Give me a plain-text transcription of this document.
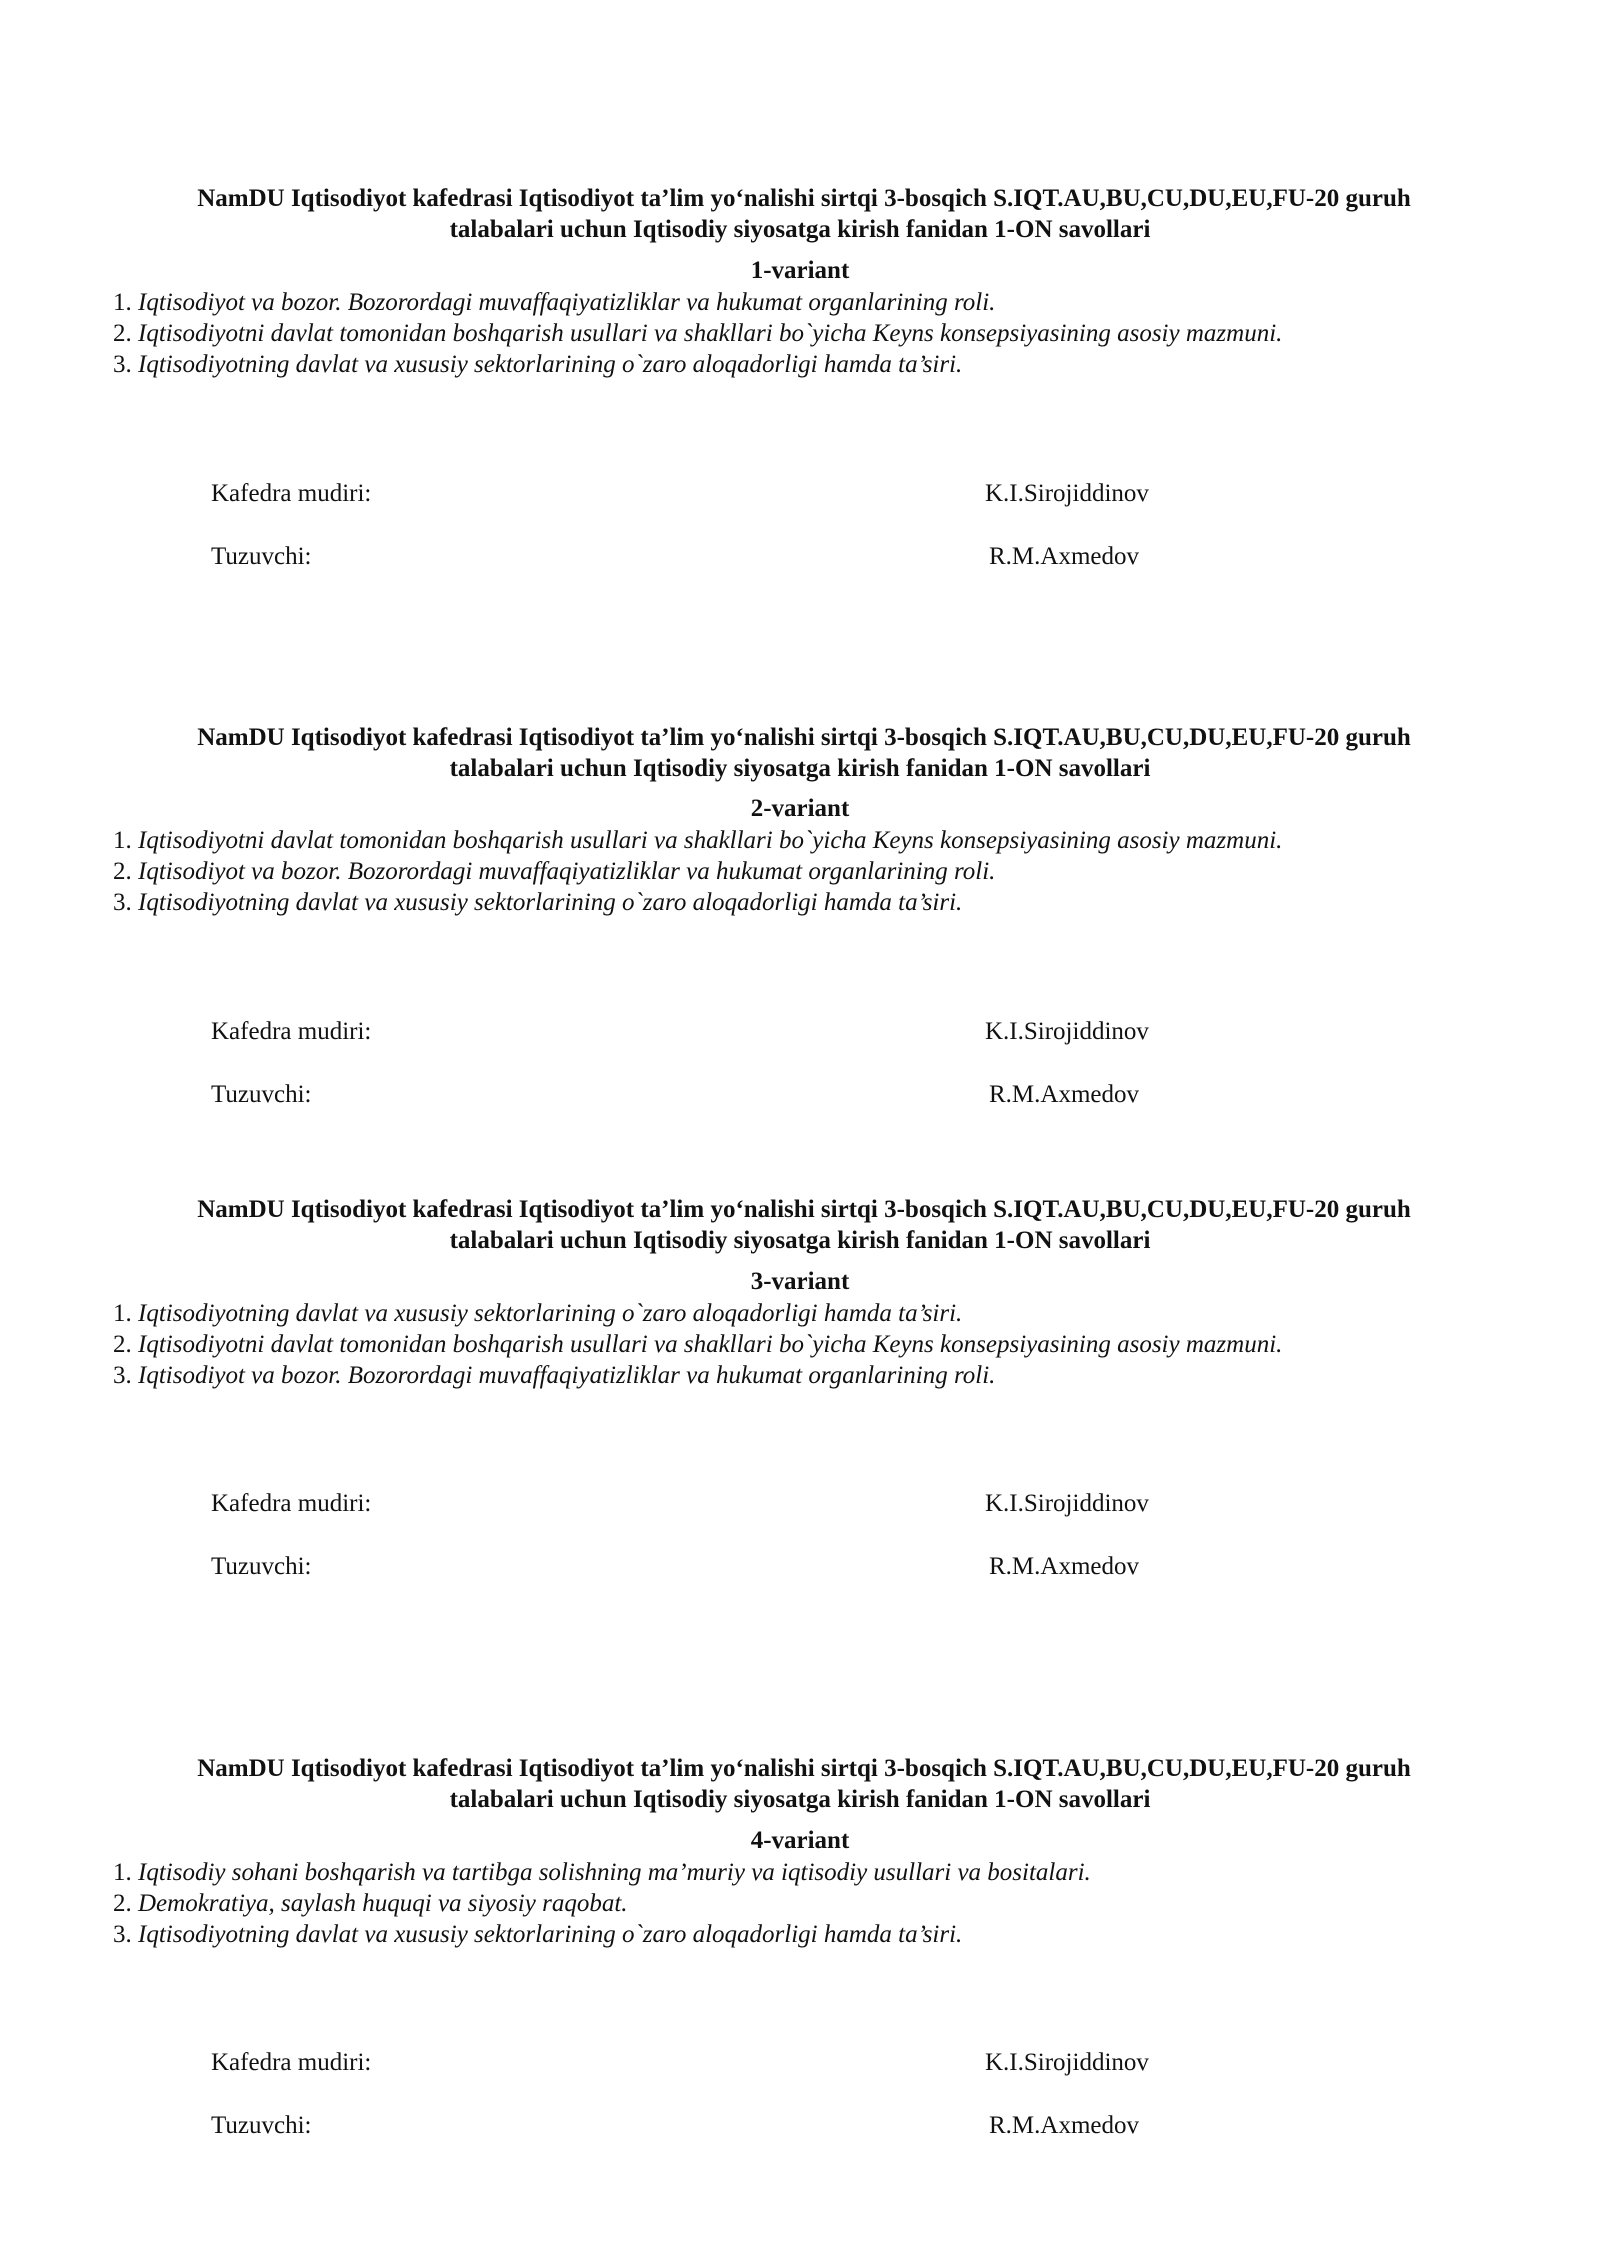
NamDU Iqtisodiyot kafedrasi Iqtisodiyot ta’lim yo‘nalishi sirtqi 3-bosqich S.IQT.AU,BU,CU,DU,EU,FU-20 guruh
talabalari uchun Iqtisodiy siyosatga kirish fanidan 1-ON savollari
1-variant
1. Iqtisodiyot va bozor. Bozorordagi muvaffaqiyatizliklar va hukumat organlarining roli.
2. Iqtisodiyotni davlat tomonidan boshqarish usullari va shakllari bo`yicha Keyns konsepsiyasining asosiy mazmuni.
3. Iqtisodiyotning davlat va xususiy sektorlarining o`zaro aloqadorligi hamda ta’siri.
Kafedra mudiri:	K.I.Sirojiddinov
Tuzuvchi:	R.M.Axmedov
NamDU Iqtisodiyot kafedrasi Iqtisodiyot ta’lim yo‘nalishi sirtqi 3-bosqich S.IQT.AU,BU,CU,DU,EU,FU-20 guruh
talabalari uchun Iqtisodiy siyosatga kirish fanidan 1-ON savollari
2-variant
1. Iqtisodiyotni davlat tomonidan boshqarish usullari va shakllari bo`yicha Keyns konsepsiyasining asosiy mazmuni.
2. Iqtisodiyot va bozor. Bozorordagi muvaffaqiyatizliklar va hukumat organlarining roli.
3. Iqtisodiyotning davlat va xususiy sektorlarining o`zaro aloqadorligi hamda ta’siri.
Kafedra mudiri:	K.I.Sirojiddinov
Tuzuvchi:	R.M.Axmedov
NamDU Iqtisodiyot kafedrasi Iqtisodiyot ta’lim yo‘nalishi sirtqi 3-bosqich S.IQT.AU,BU,CU,DU,EU,FU-20 guruh
talabalari uchun Iqtisodiy siyosatga kirish fanidan 1-ON savollari
3-variant
1. Iqtisodiyotning davlat va xususiy sektorlarining o`zaro aloqadorligi hamda ta’siri.
2. Iqtisodiyotni davlat tomonidan boshqarish usullari va shakllari bo`yicha Keyns konsepsiyasining asosiy mazmuni.
3. Iqtisodiyot va bozor. Bozorordagi muvaffaqiyatizliklar va hukumat organlarining roli.
Kafedra mudiri:	K.I.Sirojiddinov
Tuzuvchi:	R.M.Axmedov
NamDU Iqtisodiyot kafedrasi Iqtisodiyot ta’lim yo‘nalishi sirtqi 3-bosqich S.IQT.AU,BU,CU,DU,EU,FU-20 guruh
talabalari uchun Iqtisodiy siyosatga kirish fanidan 1-ON savollari
4-variant
1. Iqtisodiy sohani boshqarish va tartibga solishning ma’muriy va iqtisodiy usullari va bositalari.
2. Demokratiya, saylash huquqi va siyosiy raqobat.
3. Iqtisodiyotning davlat va xususiy sektorlarining o`zaro aloqadorligi hamda ta’siri.
Kafedra mudiri:	K.I.Sirojiddinov
Tuzuvchi:	R.M.Axmedov
